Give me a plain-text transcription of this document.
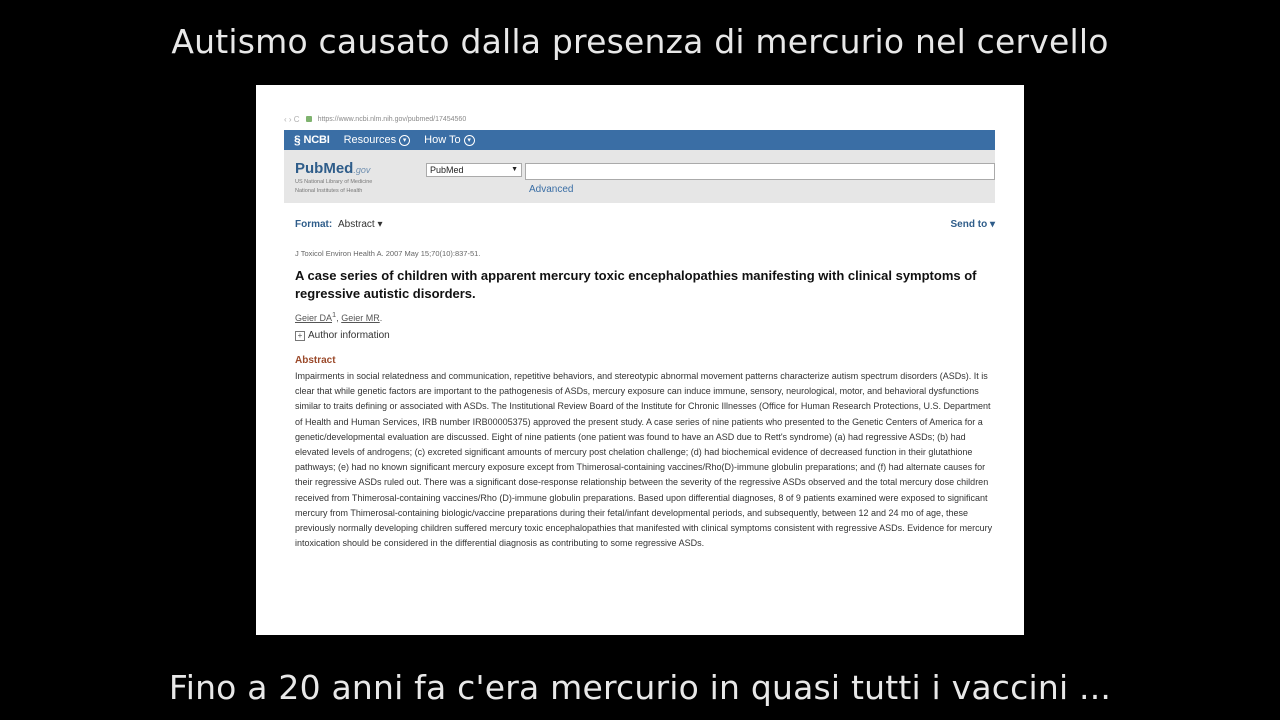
Autismo causato dalla presenza di mercurio nel cervello
‹ › C	https://www.ncbi.nlm.nih.gov/pubmed/17454560
§ NCBI Resources ▾	How To ▾
PubMed.gov
US National Library of Medicine
National Institutes of Health
PubMed	▼
Advanced
Format: Abstract ▾	Send to ▾
J Toxicol Environ Health A. 2007 May 15;70(10):837-51.
A case series of children with apparent mercury toxic encephalopathies manifesting with clinical symptoms of regressive autistic disorders.
Geier $DA^1$, Geier MR.
+ Author information
Abstract
Impairments in social relatedness and communication, repetitive behaviors, and stereotypic abnormal movement patterns characterize autism spectrum disorders (ASDs). It is clear that while genetic factors are important to the pathogenesis of ASDs, mercury exposure can induce immune, sensory, neurological, motor, and behavioral dysfunctions similar to traits defining or associated with ASDs. The Institutional Review Board of the Institute for Chronic Illnesses (Office for Human Research Protections, U.S. Department of Health and Human Services, IRB number IRB00005375) approved the present study. A case series of nine patients who presented to the Genetic Centers of America for a genetic/developmental evaluation are discussed. Eight of nine patients (one patient was found to have an ASD due to Rett's syndrome) (a) had regressive ASDs; (b) had elevated levels of androgens; (c) excreted significant amounts of mercury post chelation challenge; (d) had biochemical evidence of decreased function in their glutathione pathways; (e) had no known significant mercury exposure except from Thimerosal-containing vaccines/Rho(D)-immune globulin preparations; and (f) had alternate causes for their regressive ASDs ruled out. There was a significant dose-response relationship between the severity of the regressive ASDs observed and the total mercury dose children received from Thimerosal-containing vaccines/Rho (D)-immune globulin preparations. Based upon differential diagnoses, 8 of 9 patients examined were exposed to significant mercury from Thimerosal-containing biologic/vaccine preparations during their fetal/infant developmental periods, and subsequently, between 12 and 24 mo of age, these previously normally developing children suffered mercury toxic encephalopathies that manifested with clinical symptoms consistent with regressive ASDs. Evidence for mercury intoxication should be considered in the differential diagnosis as contributing to some regressive ASDs.
Fino a 20 anni fa c'era mercurio in quasi tutti i vaccini ...
